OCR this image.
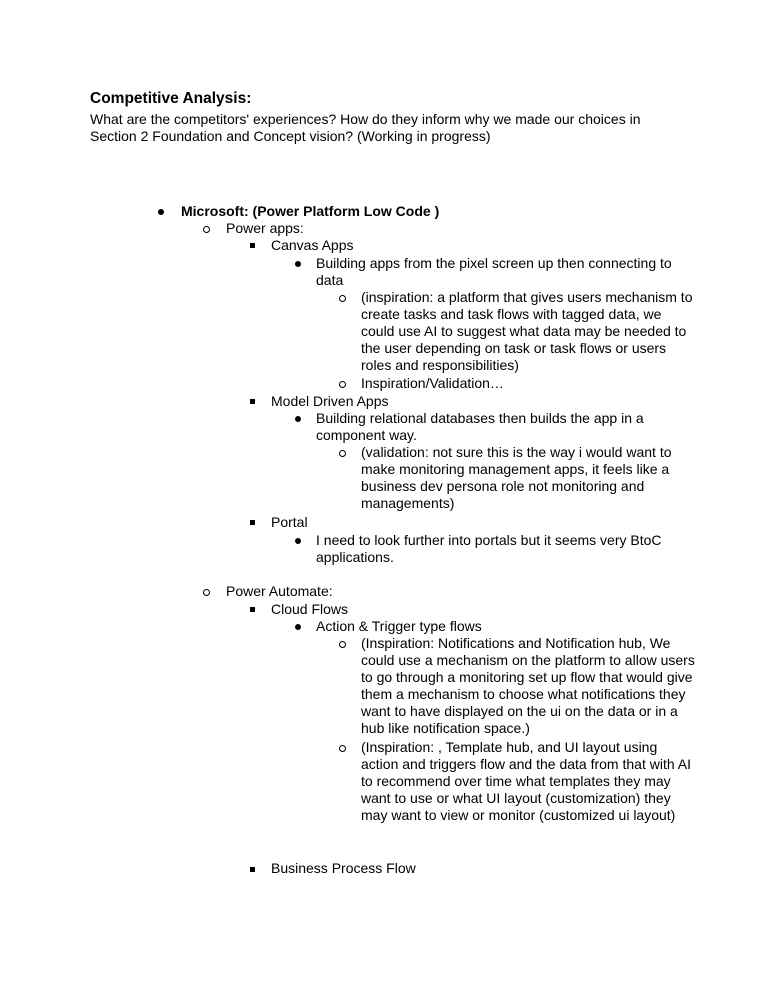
Competitive Analysis:

What are the competitors' experiences? How do they inform why we made our choices in Section 2 Foundation and Concept vision? (Working in progress)

Microsoft: (Power Platform Low Code )
Power apps:
Canvas Apps
Building apps from the pixel screen up then connecting to
data
(inspiration: a platform that gives users mechanism to
create tasks and task flows with tagged data, we
could use AI to suggest what data may be needed to
the user depending on task or task flows or users
roles and responsibilities)
Inspiration/Validation…
Model Driven Apps
Building relational databases then builds the app in a
component way.
(validation: not sure this is the way i would want to
make monitoring management apps, it feels like a
business dev persona role not monitoring and
managements)
Portal
I need to look further into portals but it seems very BtoC
applications.
Power Automate:
Cloud Flows
Action & Trigger type flows
(Inspiration: Notifications and Notification hub, We
could use a mechanism on the platform to allow users
to go through a monitoring set up flow that would give
them a mechanism to choose what notifications they
want to have displayed on the ui on the data or in a
hub like notification space.)
(Inspiration: , Template hub, and UI layout using
action and triggers flow and the data from that with AI
to recommend over time what templates they may
want to use or what UI layout (customization) they
may want to view or monitor (customized ui layout)
Business Process Flow
